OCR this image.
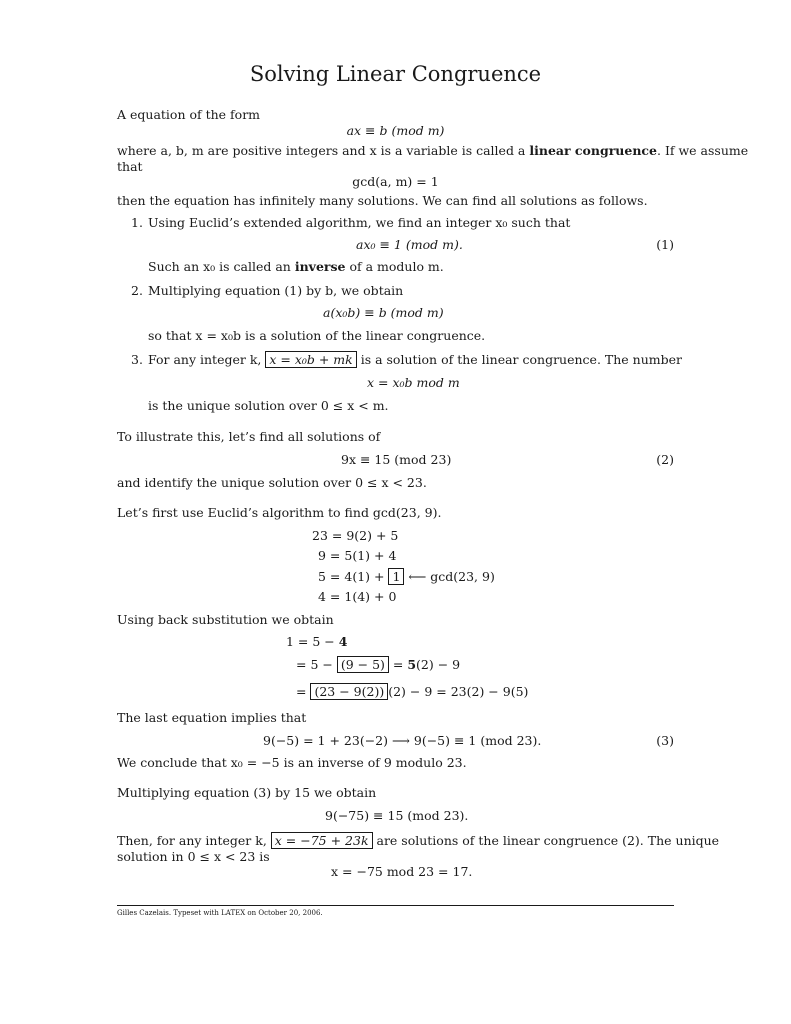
Solving Linear Congruence
A equation of the form
ax ≡ b (mod m)
where a, b, m are positive integers and x is a variable is called a linear congruence. If we assume
that
gcd(a, m) = 1
then the equation has infinitely many solutions. We can find all solutions as follows.
1. Using Euclid’s extended algorithm, we find an integer x₀ such that
ax₀ ≡ 1 (mod m).	(1)
Such an x₀ is called an inverse of a modulo m.
2. Multiplying equation (1) by b, we obtain
a(x₀b) ≡ b (mod m)
so that x = x₀b is a solution of the linear congruence.
3. For any integer k, x = x₀b + mk is a solution of the linear congruence. The number
x = x₀b mod m
is the unique solution over 0 ≤ x < m.
To illustrate this, let’s find all solutions of
9x ≡ 15 (mod 23)	(2)
and identify the unique solution over 0 ≤ x < 23.
Let’s first use Euclid’s algorithm to find gcd(23, 9).
23 = 9(2) + 5
9 = 5(1) + 4
5 = 4(1) + 1 ⟵ gcd(23, 9)
4 = 1(4) + 0
Using back substitution we obtain
1 = 5 − 4
= 5 − (9 − 5) = 5(2) − 9
= (23 − 9(2)) (2) − 9 = 23(2) − 9(5)
The last equation implies that
9(−5) = 1 + 23(−2) ⟶ 9(−5) ≡ 1 (mod 23).	(3)
We conclude that x₀ = −5 is an inverse of 9 modulo 23.
Multiplying equation (3) by 15 we obtain
9(−75) ≡ 15 (mod 23).
Then, for any integer k, x = −75 + 23k are solutions of the linear congruence (2). The unique
solution in 0 ≤ x < 23 is
x = −75 mod 23 = 17.
Gilles Cazelais. Typeset with LATEX on October 20, 2006.
